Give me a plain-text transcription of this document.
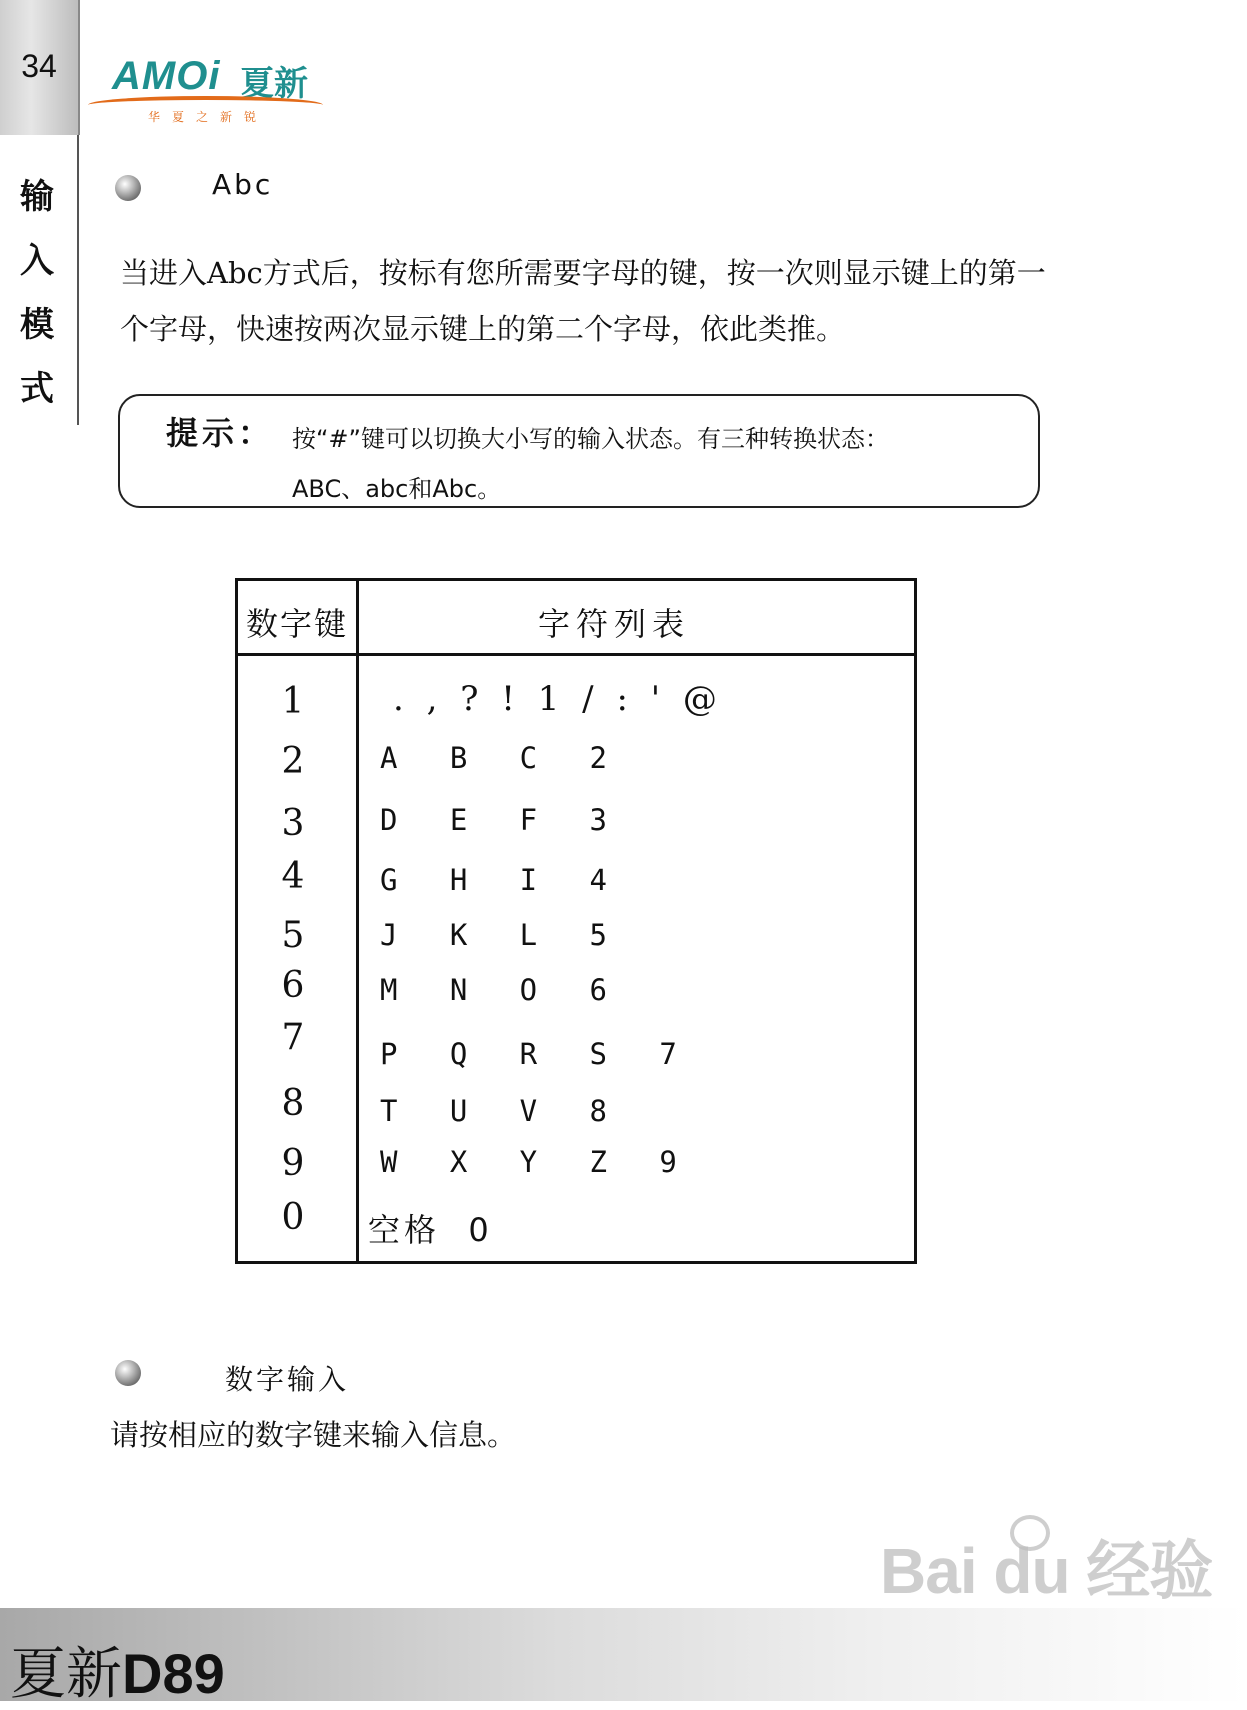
34
输
入
模
式
AMOi 夏新
华夏之新锐
Abc
当进入Abc方式后，按标有您所需要字母的键，按一次则显示键上的第一个字母，快速按两次显示键上的第二个字母，依此类推。
提示： 按“#”键可以切换大小写的输入状态。有三种转换状态：
ABC、abc和Abc。
数字键	字符列表
1
2
3
4
5
6
7
8
9
0
. , ? ! 1 / : ' @
A   B   C   2
D   E   F   3
G   H   I   4
J   K   L   5
M   N   O   6
P   Q   R   S   7
T   U   V   8
W   X   Y   Z   9
空格  0
数字输入
请按相应的数字键来输入信息。
Bai du 经验
夏新D89
